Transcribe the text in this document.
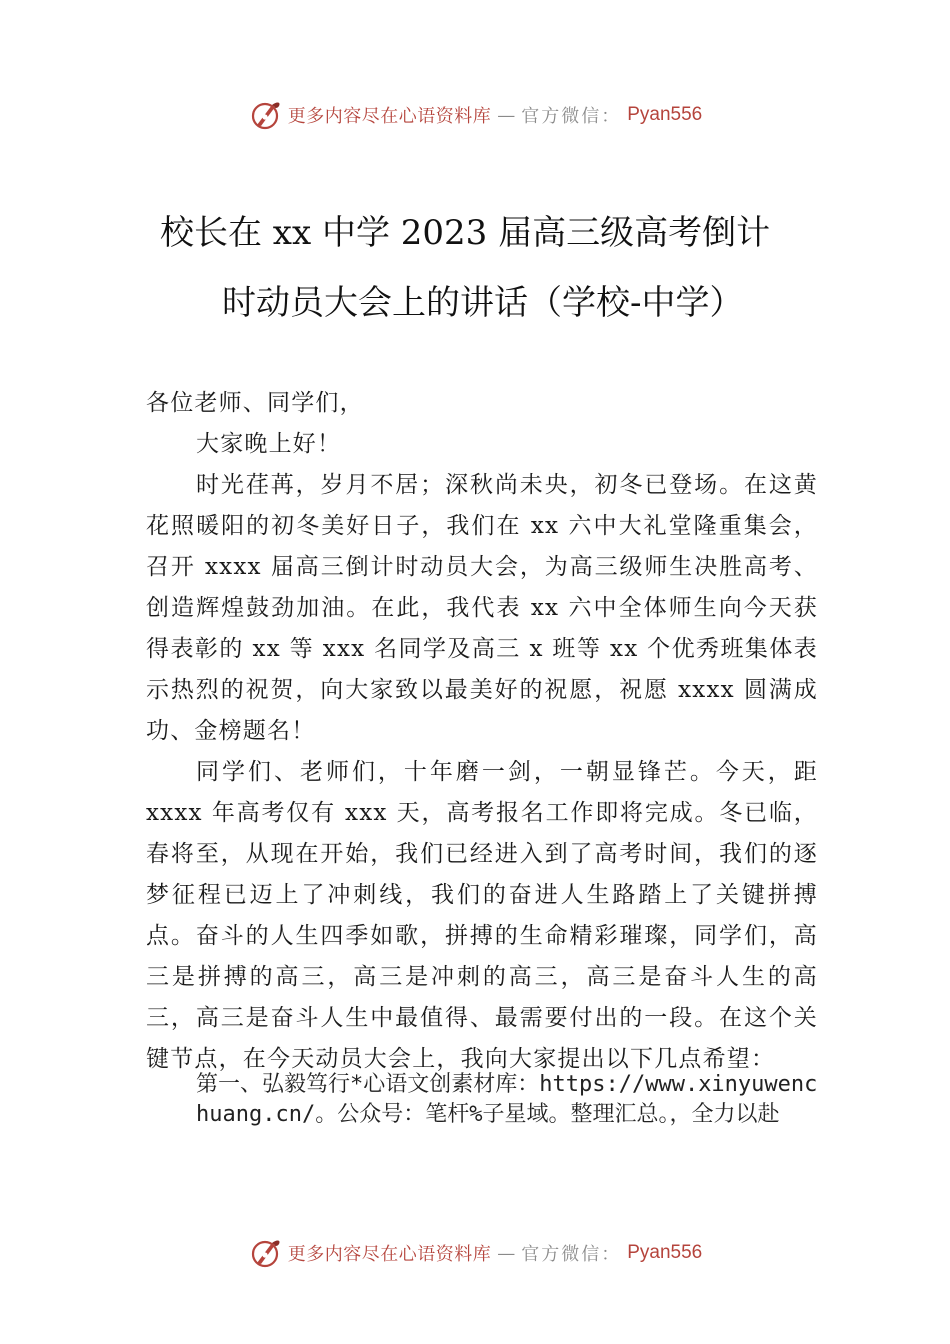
更多内容尽在心语资料库 — 官方微信： Pyan556
校长在 xx 中学 2023 届高三级高考倒计
时动员大会上的讲话（学校-中学）

各位老师、同学们，

大家晚上好！

时光荏苒，岁月不居；深秋尚未央，初冬已登场。在这黄花照暖阳的初冬美好日子，我们在 xx 六中大礼堂隆重集会，召开 xxxx 届高三倒计时动员大会，为高三级师生决胜高考、创造辉煌鼓劲加油。在此，我代表 xx 六中全体师生向今天获得表彰的 xx 等 xxx 名同学及高三 x 班等 xx 个优秀班集体表示热烈的祝贺，向大家致以最美好的祝愿，祝愿 xxxx 圆满成功、金榜题名！

同学们、老师们，十年磨一剑，一朝显锋芒。今天，距 xxxx 年高考仅有 xxx 天，高考报名工作即将完成。冬已临，春将至，从现在开始，我们已经进入到了高考时间，我们的逐梦征程已迈上了冲刺线，我们的奋进人生路踏上了关键拼搏点。奋斗的人生四季如歌，拼搏的生命精彩璀璨，同学们，高三是拼搏的高三，高三是冲刺的高三，高三是奋斗人生的高三，高三是奋斗人生中最值得、最需要付出的一段。在这个关键节点，在今天动员大会上，我向大家提出以下几点希望：

第一、弘毅笃行*心语文创素材库：https://www.xinyuwenchuang.cn/。公众号：笔杆%子星域。整理汇总。，全力以赴
更多内容尽在心语资料库 — 官方微信： Pyan556
